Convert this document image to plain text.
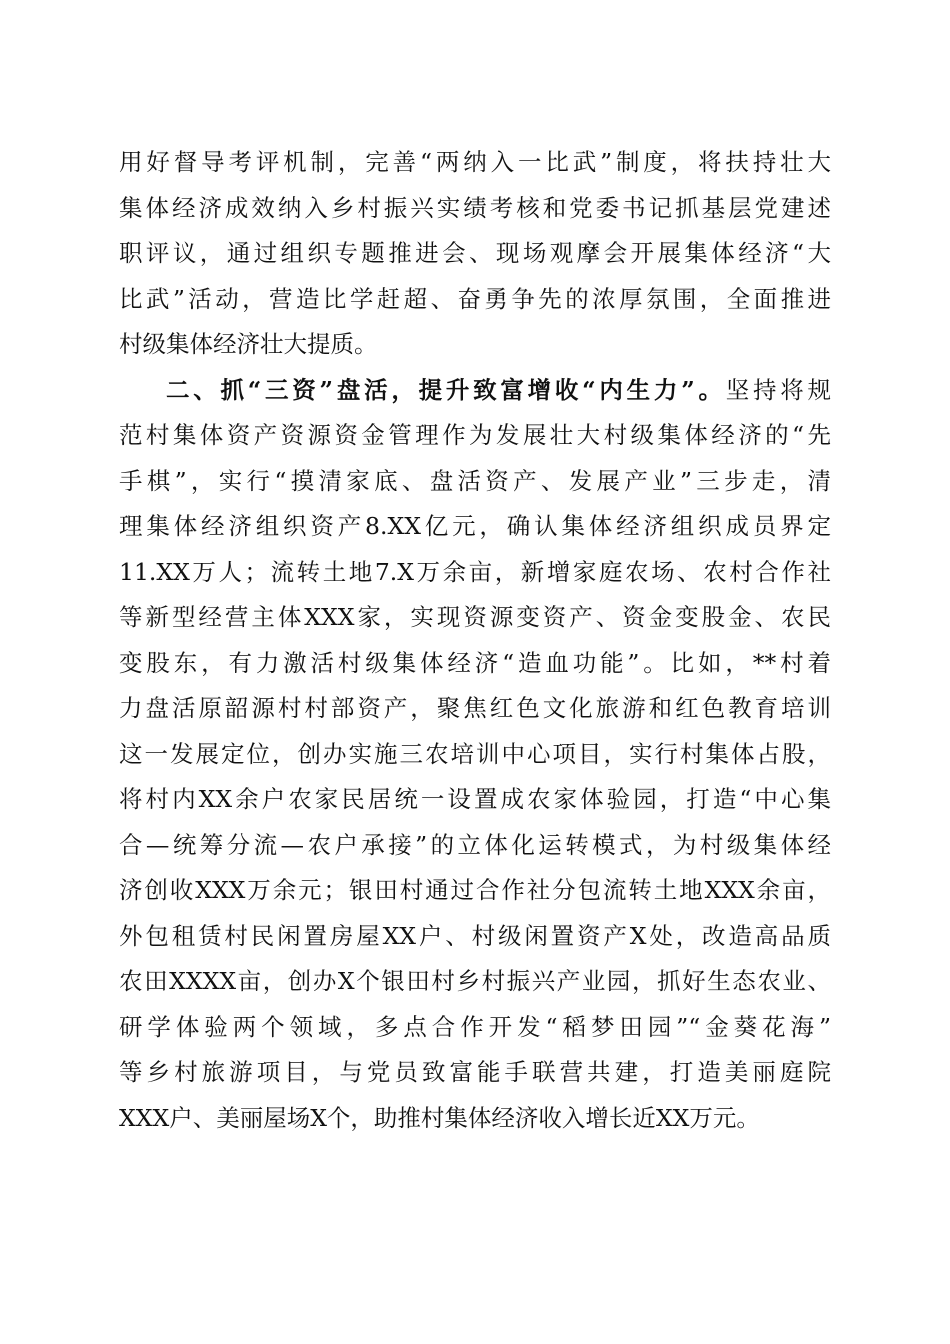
用好督导考评机制，完善“两纳入一比武”制度，将扶持壮大
集体经济成效纳入乡村振兴实绩考核和党委书记抓基层党建述
职评议，通过组织专题推进会、现场观摩会开展集体经济“大
比武”活动，营造比学赶超、奋勇争先的浓厚氛围，全面推进
村级集体经济壮大提质。
二、抓“三资”盘活，提升致富增收“内生力”。坚持将规
范村集体资产资源资金管理作为发展壮大村级集体经济的“先
手棋”，实行“摸清家底、盘活资产、发展产业”三步走，清
理集体经济组织资产8.XX亿元，确认集体经济组织成员界定
11.XX万人；流转土地7.X万余亩，新增家庭农场、农村合作社
等新型经营主体XXX家，实现资源变资产、资金变股金、农民
变股东，有力激活村级集体经济“造血功能”。比如，**村着
力盘活原韶源村村部资产，聚焦红色文化旅游和红色教育培训
这一发展定位，创办实施三农培训中心项目，实行村集体占股，
将村内XX余户农家民居统一设置成农家体验园，打造“中心集
合—统筹分流—农户承接”的立体化运转模式，为村级集体经
济创收XXX万余元；银田村通过合作社分包流转土地XXX余亩，
外包租赁村民闲置房屋XX户、村级闲置资产X处，改造高品质
农田XXXX亩，创办X个银田村乡村振兴产业园，抓好生态农业、
研学体验两个领域，多点合作开发“稻梦田园”“金葵花海”
等乡村旅游项目，与党员致富能手联营共建，打造美丽庭院
XXX户、美丽屋场X个，助推村集体经济收入增长近XX万元。
